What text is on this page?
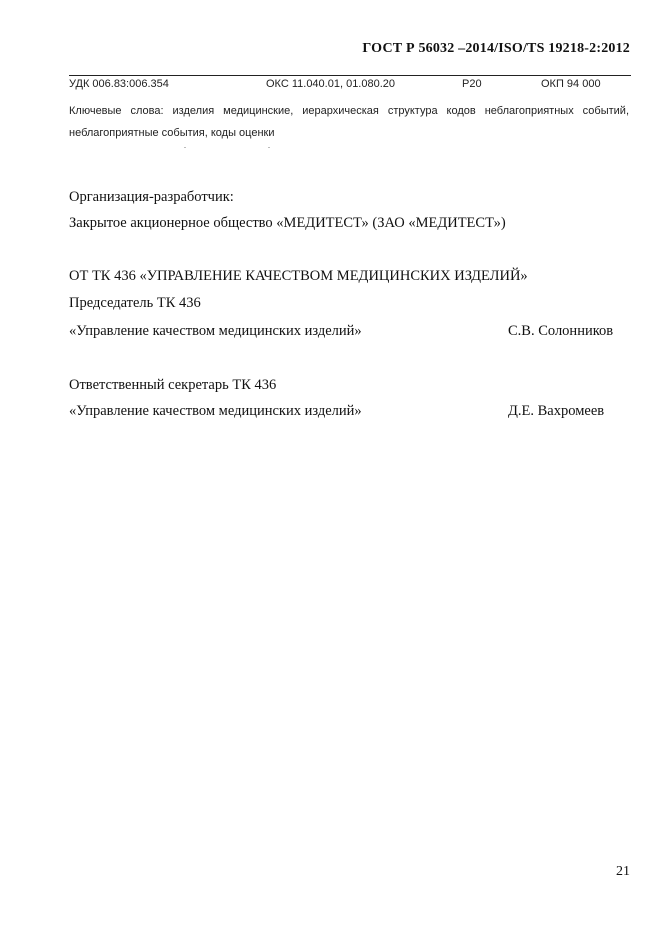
ГОСТ Р 56032 –2014/ISO/TS 19218-2:2012
УДК 006.83:006.354	ОКС 11.040.01, 01.080.20	Р20	ОКП 94 000
Ключевые слова: изделия медицинские, иерархическая структура кодов неблагоприятных событий, неблагоприятные события, коды оценки
Организация-разработчик:
Закрытое акционерное общество «МЕДИТЕСТ» (ЗАО «МЕДИТЕСТ»)
ОТ ТК 436 «УПРАВЛЕНИЕ КАЧЕСТВОМ МЕДИЦИНСКИХ ИЗДЕЛИЙ»
Председатель ТК 436
«Управление качеством медицинских изделий»	С.В. Солонников
Ответственный секретарь ТК 436
«Управление качеством медицинских изделий»	Д.Е. Вахромеев
21
